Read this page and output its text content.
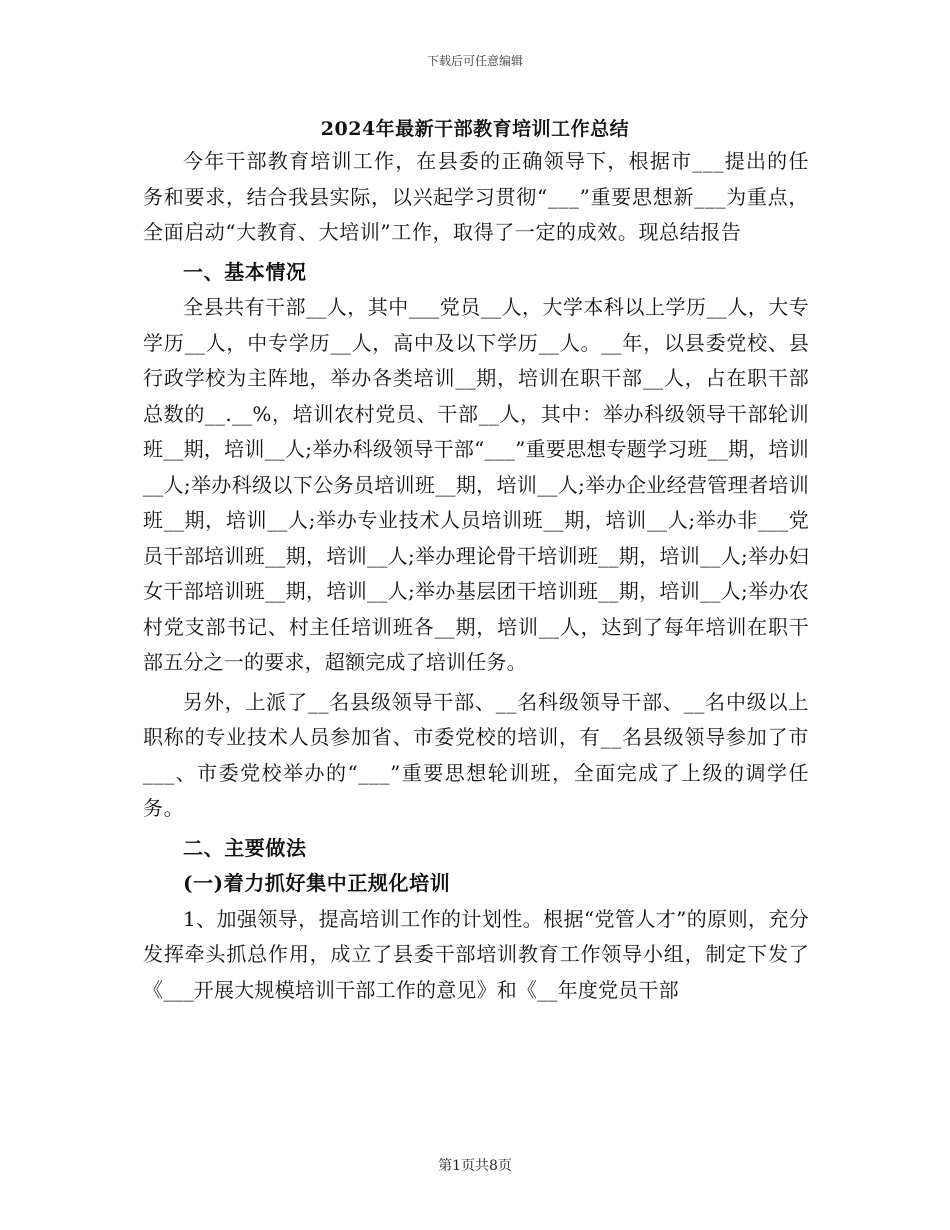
下载后可任意编辑
2024年最新干部教育培训工作总结

今年干部教育培训工作，在县委的正确领导下，根据市___提出的任务和要求，结合我县实际，以兴起学习贯彻“___”重要思想新___为重点，全面启动“大教育、大培训”工作，取得了一定的成效。现总结报告

一、基本情况

全县共有干部__人，其中___党员__人，大学本科以上学历__人，大专学历__人，中专学历__人，高中及以下学历__人。__年，以县委党校、县行政学校为主阵地，举办各类培训__期，培训在职干部__人，占在职干部总数的__.__%，培训农村党员、干部__人，其中：举办科级领导干部轮训班__期，培训__人;举办科级领导干部“___”重要思想专题学习班__期，培训__人;举办科级以下公务员培训班__期，培训__人;举办企业经营管理者培训班__期，培训__人;举办专业技术人员培训班__期，培训__人;举办非___党员干部培训班__期，培训__人;举办理论骨干培训班__期，培训__人;举办妇女干部培训班__期，培训__人;举办基层团干培训班__期，培训__人;举办农村党支部书记、村主任培训班各__期，培训__人，达到了每年培训在职干部五分之一的要求，超额完成了培训任务。

另外，上派了__名县级领导干部、__名科级领导干部、__名中级以上职称的专业技术人员参加省、市委党校的培训，有__名县级领导参加了市___、市委党校举办的“___”重要思想轮训班，全面完成了上级的调学任务。

二、主要做法

(一)着力抓好集中正规化培训

1、加强领导，提高培训工作的计划性。根据“党管人才”的原则，充分发挥牵头抓总作用，成立了县委干部培训教育工作领导小组，制定下发了《___开展大规模培训干部工作的意见》和《__年度党员干部

第1页共8页
